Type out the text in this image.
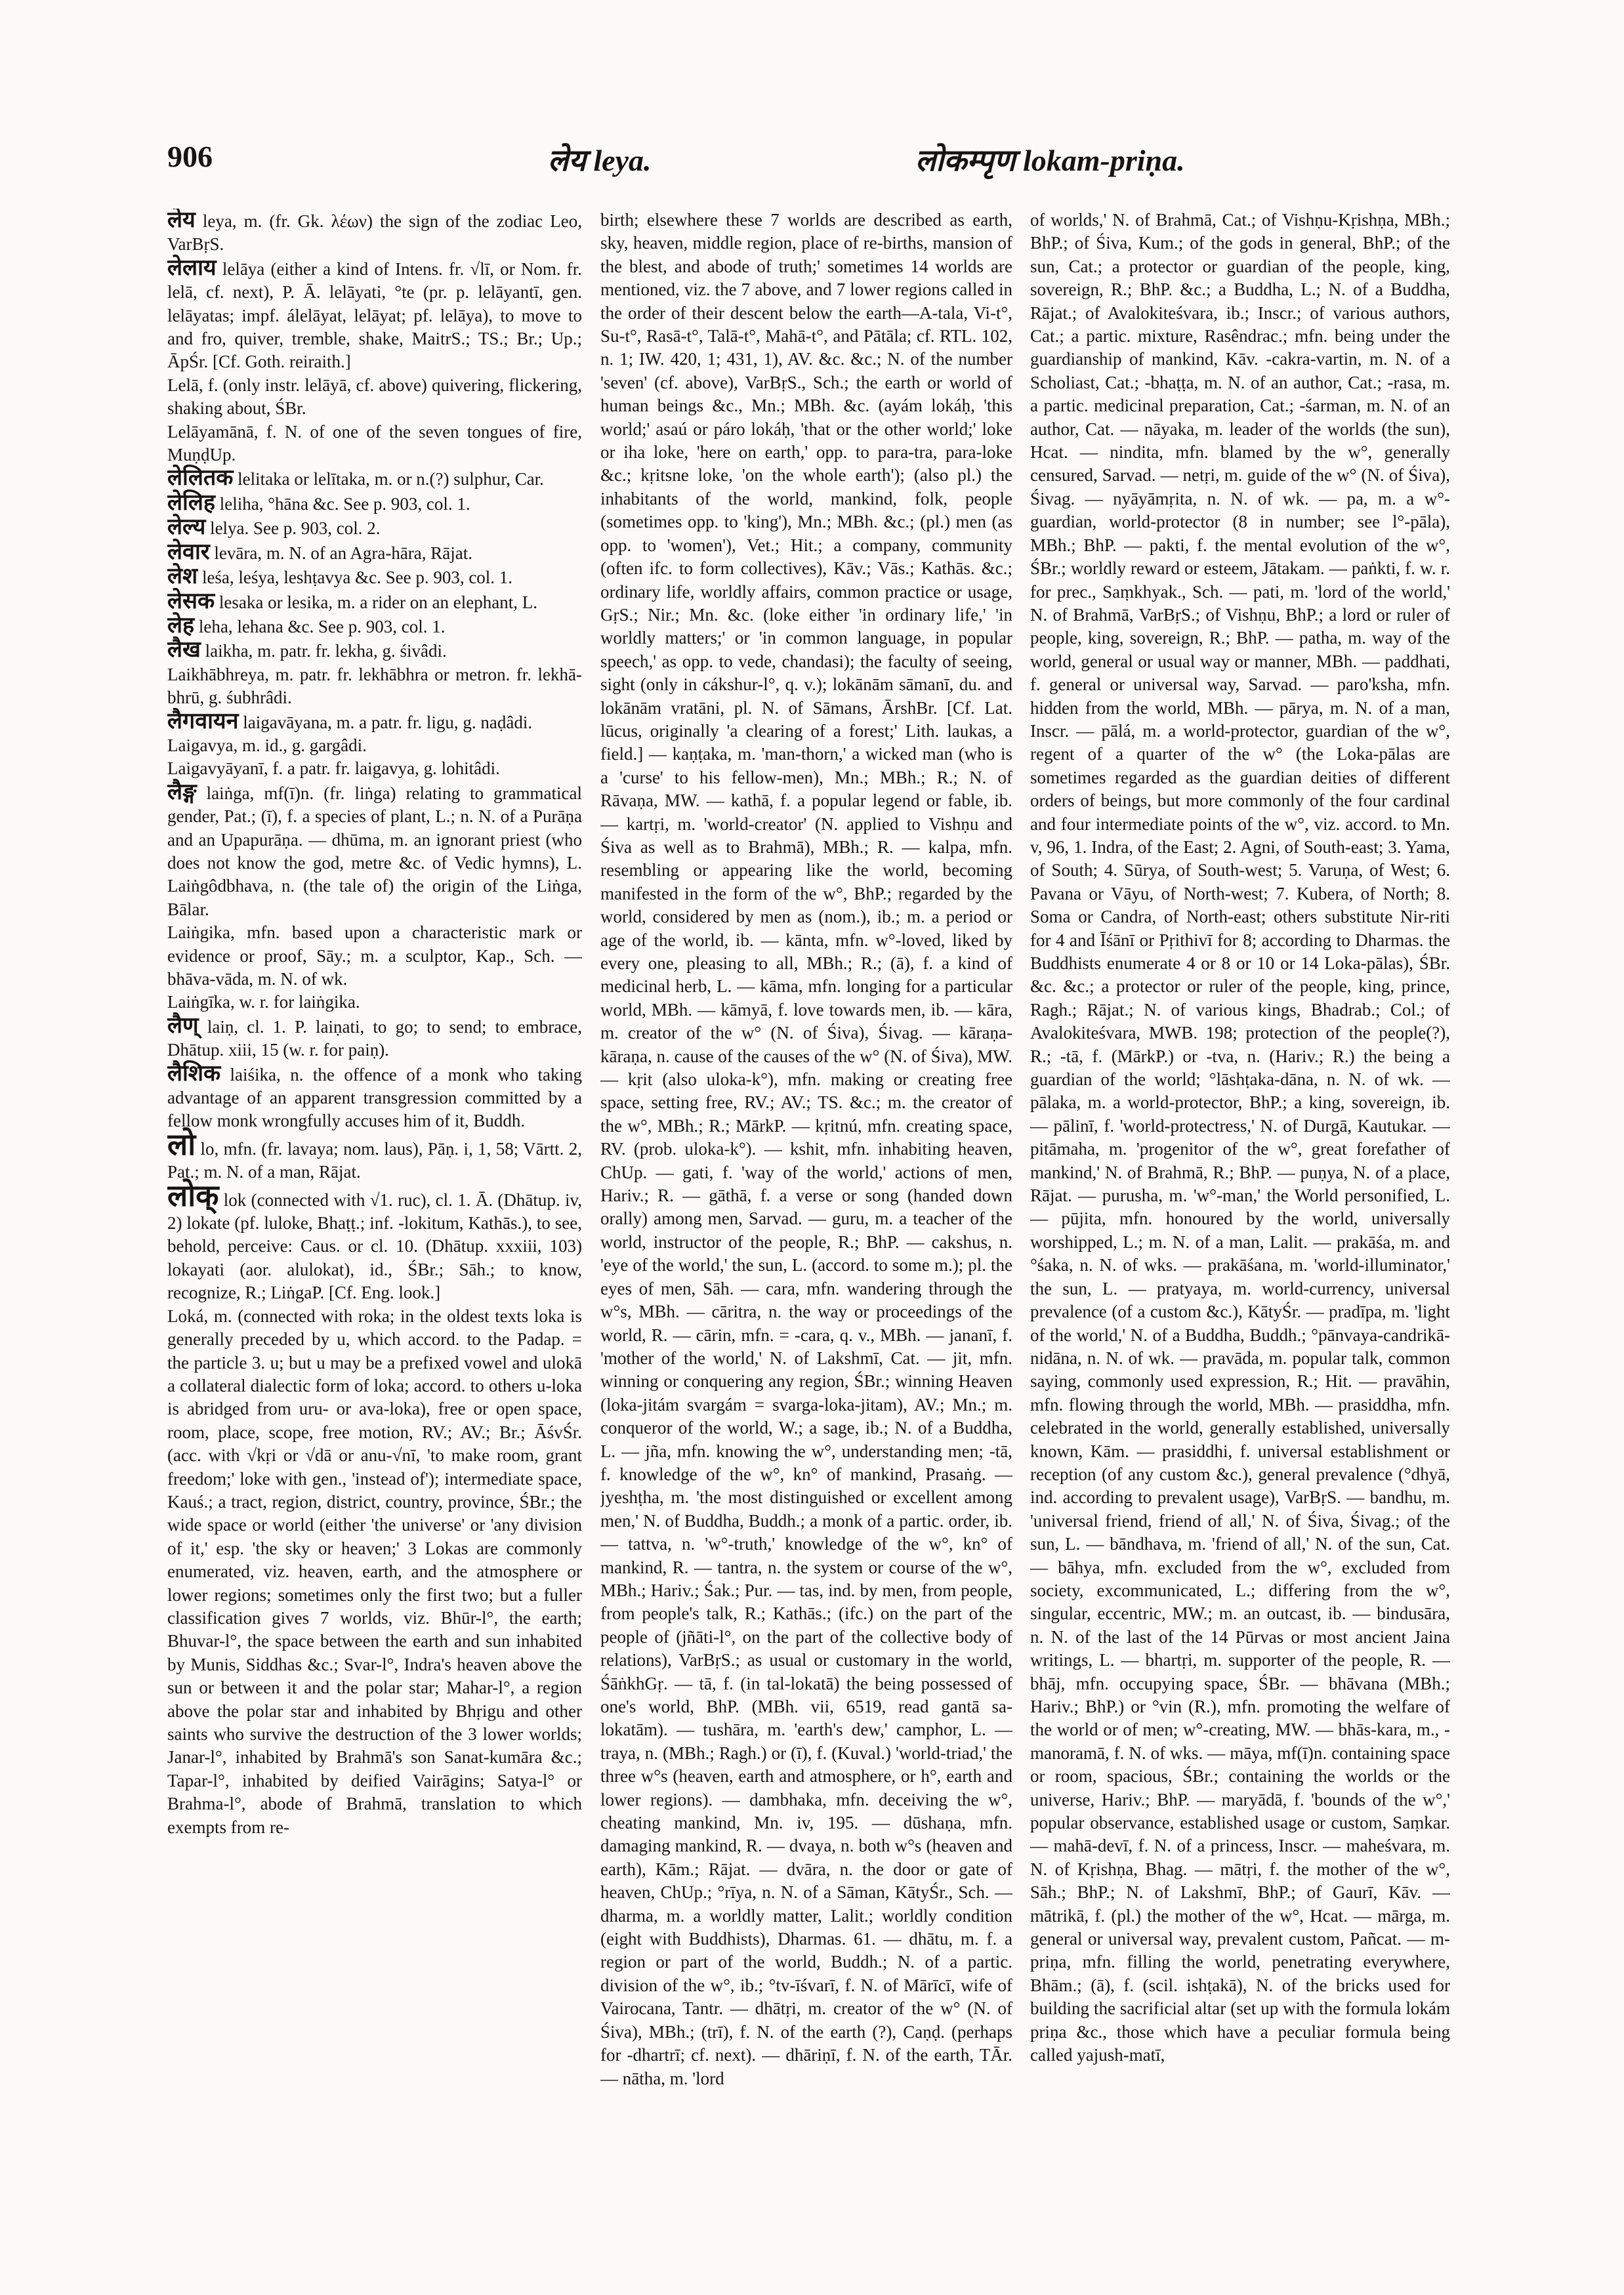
906	लेय leya.	लोकम्पृण lokam-priṇa.

लेय leya, m. (fr. Gk. λέων) the sign of the zodiac Leo, VarBṛS.

लेलाय lelāya (either a kind of Intens. fr. √lī, or Nom. fr. lelā, cf. next), P. Ā. lelāyati, °te (pr. p. lelāyantī, gen. lelāyatas; impf. álelāyat, lelāyat; pf. lelāya), to move to and fro, quiver, tremble, shake, MaitrS.; TS.; Br.; Up.; ĀpŚr. [Cf. Goth. reiraith.]

Lelā, f. (only instr. lelāyā, cf. above) quivering, flickering, shaking about, ŚBr.

Lelāyamānā, f. N. of one of the seven tongues of fire, MuṇḍUp.

लेलितक lelitaka or lelītaka, m. or n.(?) sulphur, Car.

लेलिह leliha, °hāna &c. See p. 903, col. 1.

लेल्य lelya. See p. 903, col. 2.

लेवार levāra, m. N. of an Agra-hāra, Rājat.

लेश leśa, leśya, leshṭavya &c. See p. 903, col. 1.

लेसक lesaka or lesika, m. a rider on an elephant, L.

लेह leha, lehana &c. See p. 903, col. 1.

लैख laikha, m. patr. fr. lekha, g. śivâdi.

Laikhābhreya, m. patr. fr. lekhābhra or metron. fr. lekhā-bhrū, g. śubhrâdi.

लैगवायन laigavāyana, m. a patr. fr. ligu, g. naḍâdi.

Laigavya, m. id., g. gargâdi.

Laigavyāyanī, f. a patr. fr. laigavya, g. lohitâdi.

लैङ्ग laiṅga, mf(ī)n. (fr. liṅga) relating to grammatical gender, Pat.; (ī), f. a species of plant, L.; n. N. of a Purāṇa and an Upapurāṇa. — dhūma, m. an ignorant priest (who does not know the god, metre &c. of Vedic hymns), L. Laiṅgôdbhava, n. (the tale of) the origin of the Liṅga, Bālar.

Laiṅgika, mfn. based upon a characteristic mark or evidence or proof, Sāy.; m. a sculptor, Kap., Sch. — bhāva-vāda, m. N. of wk.

Laiṅgīka, w. r. for laiṅgika.

लैण् laiṇ, cl. 1. P. laiṇati, to go; to send; to embrace, Dhātup. xiii, 15 (w. r. for paiṇ).

लैशिक laiśika, n. the offence of a monk who taking advantage of an apparent transgression committed by a fellow monk wrongfully accuses him of it, Buddh.

लो lo, mfn. (fr. lavaya; nom. laus), Pāṇ. i, 1, 58; Vārtt. 2, Pat.; m. N. of a man, Rājat.

लोक् lok (connected with √1. ruc), cl. 1. Ā. (Dhātup. iv, 2) lokate (pf. luloke, Bhaṭṭ.; inf. -lokitum, Kathās.), to see, behold, perceive: Caus. or cl. 10. (Dhātup. xxxiii, 103) lokayati (aor. alulokat), id., ŚBr.; Sāh.; to know, recognize, R.; LiṅgaP. [Cf. Eng. look.]

Loká, m. (connected with roka; in the oldest texts loka is generally preceded by u, which accord. to the Padap. = the particle 3. u; but u may be a prefixed vowel and ulokā a collateral dialectic form of loka; accord. to others u-loka is abridged from uru- or ava-loka), free or open space, room, place, scope, free motion, RV.; AV.; Br.; ĀśvŚr. (acc. with √kṛi or √dā or anu-√nī, 'to make room, grant freedom;' loke with gen., 'instead of'); intermediate space, Kauś.; a tract, region, district, country, province, ŚBr.; the wide space or world (either 'the universe' or 'any division of it,' esp. 'the sky or heaven;' 3 Lokas are commonly enumerated, viz. heaven, earth, and the atmosphere or lower regions; sometimes only the first two; but a fuller classification gives 7 worlds, viz. Bhūr-l°, the earth; Bhuvar-l°, the space between the earth and sun inhabited by Munis, Siddhas &c.; Svar-l°, Indra's heaven above the sun or between it and the polar star; Mahar-l°, a region above the polar star and inhabited by Bhṛigu and other saints who survive the destruction of the 3 lower worlds; Janar-l°, inhabited by Brahmā's son Sanat-kumāra &c.; Tapar-l°, inhabited by deified Vairāgins; Satya-l° or Brahma-l°, abode of Brahmā, translation to which exempts from re-

birth; elsewhere these 7 worlds are described as earth, sky, heaven, middle region, place of re-births, mansion of the blest, and abode of truth;' sometimes 14 worlds are mentioned, viz. the 7 above, and 7 lower regions called in the order of their descent below the earth—A-tala, Vi-t°, Su-t°, Rasā-t°, Talā-t°, Mahā-t°, and Pātāla; cf. RTL. 102, n. 1; IW. 420, 1; 431, 1), AV. &c. &c.; N. of the number 'seven' (cf. above), VarBṛS., Sch.; the earth or world of human beings &c., Mn.; MBh. &c. (ayám lokáḥ, 'this world;' asaú or páro lokáḥ, 'that or the other world;' loke or iha loke, 'here on earth,' opp. to para-tra, para-loke &c.; kṛitsne loke, 'on the whole earth'); (also pl.) the inhabitants of the world, mankind, folk, people (sometimes opp. to 'king'), Mn.; MBh. &c.; (pl.) men (as opp. to 'women'), Vet.; Hit.; a company, community (often ifc. to form collectives), Kāv.; Vās.; Kathās. &c.; ordinary life, worldly affairs, common practice or usage, GṛS.; Nir.; Mn. &c. (loke either 'in ordinary life,' 'in worldly matters;' or 'in common language, in popular speech,' as opp. to vede, chandasi); the faculty of seeing, sight (only in cákshur-l°, q. v.); lokānām sāmanī, du. and lokānām vratāni, pl. N. of Sāmans, ĀrshBr. [Cf. Lat. lūcus, originally 'a clearing of a forest;' Lith. laukas, a field.] — kaṇṭaka, m. 'man-thorn,' a wicked man (who is a 'curse' to his fellow-men), Mn.; MBh.; R.; N. of Rāvaṇa, MW. — kathā, f. a popular legend or fable, ib. — kartṛi, m. 'world-creator' (N. applied to Vishṇu and Śiva as well as to Brahmā), MBh.; R. — kalpa, mfn. resembling or appearing like the world, becoming manifested in the form of the w°, BhP.; regarded by the world, considered by men as (nom.), ib.; m. a period or age of the world, ib. — kānta, mfn. w°-loved, liked by every one, pleasing to all, MBh.; R.; (ā), f. a kind of medicinal herb, L. — kāma, mfn. longing for a particular world, MBh. — kāmyā, f. love towards men, ib. — kāra, m. creator of the w° (N. of Śiva), Śivag. — kāraṇa-kāraṇa, n. cause of the causes of the w° (N. of Śiva), MW. — kṛit (also uloka-k°), mfn. making or creating free space, setting free, RV.; AV.; TS. &c.; m. the creator of the w°, MBh.; R.; MārkP. — kṛitnú, mfn. creating space, RV. (prob. uloka-k°). — kshit, mfn. inhabiting heaven, ChUp. — gati, f. 'way of the world,' actions of men, Hariv.; R. — gāthā, f. a verse or song (handed down orally) among men, Sarvad. — guru, m. a teacher of the world, instructor of the people, R.; BhP. — cakshus, n. 'eye of the world,' the sun, L. (accord. to some m.); pl. the eyes of men, Sāh. — cara, mfn. wandering through the w°s, MBh. — cāritra, n. the way or proceedings of the world, R. — cārin, mfn. = -cara, q. v., MBh. — jananī, f. 'mother of the world,' N. of Lakshmī, Cat. — jit, mfn. winning or conquering any region, ŚBr.; winning Heaven (loka-jitám svargám = svarga-loka-jitam), AV.; Mn.; m. conqueror of the world, W.; a sage, ib.; N. of a Buddha, L. — jña, mfn. knowing the w°, understanding men; -tā, f. knowledge of the w°, kn° of mankind, Prasaṅg. — jyeshṭha, m. 'the most distinguished or excellent among men,' N. of Buddha, Buddh.; a monk of a partic. order, ib. — tattva, n. 'w°-truth,' knowledge of the w°, kn° of mankind, R. — tantra, n. the system or course of the w°, MBh.; Hariv.; Śak.; Pur. — tas, ind. by men, from people, from people's talk, R.; Kathās.; (ifc.) on the part of the people of (jñāti-l°, on the part of the collective body of relations), VarBṛS.; as usual or customary in the world, ŚāṅkhGṛ. — tā, f. (in tal-lokatā) the being possessed of one's world, BhP. (MBh. vii, 6519, read gantā sa-lokatām). — tushāra, m. 'earth's dew,' camphor, L. — traya, n. (MBh.; Ragh.) or (ī), f. (Kuval.) 'world-triad,' the three w°s (heaven, earth and atmosphere, or h°, earth and lower regions). — dambhaka, mfn. deceiving the w°, cheating mankind, Mn. iv, 195. — dūshaṇa, mfn. damaging mankind, R. — dvaya, n. both w°s (heaven and earth), Kām.; Rājat. — dvāra, n. the door or gate of heaven, ChUp.; °rīya, n. N. of a Sāman, KātyŚr., Sch. — dharma, m. a worldly matter, Lalit.; worldly condition (eight with Buddhists), Dharmas. 61. — dhātu, m. f. a region or part of the world, Buddh.; N. of a partic. division of the w°, ib.; °tv-īśvarī, f. N. of Mārīcī, wife of Vairocana, Tantr. — dhātṛi, m. creator of the w° (N. of Śiva), MBh.; (trī), f. N. of the earth (?), Caṇḍ. (perhaps for -dhartrī; cf. next). — dhāriṇī, f. N. of the earth, TĀr. — nātha, m. 'lord

of worlds,' N. of Brahmā, Cat.; of Vishṇu-Kṛishṇa, MBh.; BhP.; of Śiva, Kum.; of the gods in general, BhP.; of the sun, Cat.; a protector or guardian of the people, king, sovereign, R.; BhP. &c.; a Buddha, L.; N. of a Buddha, Rājat.; of Avalokiteśvara, ib.; Inscr.; of various authors, Cat.; a partic. mixture, Rasêndrac.; mfn. being under the guardianship of mankind, Kāv. -cakra-vartin, m. N. of a Scholiast, Cat.; -bhaṭṭa, m. N. of an author, Cat.; -rasa, m. a partic. medicinal preparation, Cat.; -śarman, m. N. of an author, Cat. — nāyaka, m. leader of the worlds (the sun), Hcat. — nindita, mfn. blamed by the w°, generally censured, Sarvad. — netṛi, m. guide of the w° (N. of Śiva), Śivag. — nyāyāmṛita, n. N. of wk. — pa, m. a w°-guardian, world-protector (8 in number; see l°-pāla), MBh.; BhP. — pakti, f. the mental evolution of the w°, ŚBr.; worldly reward or esteem, Jātakam. — paṅkti, f. w. r. for prec., Saṃkhyak., Sch. — pati, m. 'lord of the world,' N. of Brahmā, VarBṛS.; of Vishṇu, BhP.; a lord or ruler of people, king, sovereign, R.; BhP. — patha, m. way of the world, general or usual way or manner, MBh. — paddhati, f. general or universal way, Sarvad. — paro'ksha, mfn. hidden from the world, MBh. — pārya, m. N. of a man, Inscr. — pālá, m. a world-protector, guardian of the w°, regent of a quarter of the w° (the Loka-pālas are sometimes regarded as the guardian deities of different orders of beings, but more commonly of the four cardinal and four intermediate points of the w°, viz. accord. to Mn. v, 96, 1. Indra, of the East; 2. Agni, of South-east; 3. Yama, of South; 4. Sūrya, of South-west; 5. Varuṇa, of West; 6. Pavana or Vāyu, of North-west; 7. Kubera, of North; 8. Soma or Candra, of North-east; others substitute Nir-riti for 4 and Īśānī or Pṛithivī for 8; according to Dharmas. the Buddhists enumerate 4 or 8 or 10 or 14 Loka-pālas), ŚBr. &c. &c.; a protector or ruler of the people, king, prince, Ragh.; Rājat.; N. of various kings, Bhadrab.; Col.; of Avalokiteśvara, MWB. 198; protection of the people(?), R.; -tā, f. (MārkP.) or -tva, n. (Hariv.; R.) the being a guardian of the world; °lāshṭaka-dāna, n. N. of wk. — pālaka, m. a world-protector, BhP.; a king, sovereign, ib. — pālinī, f. 'world-protectress,' N. of Durgā, Kautukar. — pitāmaha, m. 'progenitor of the w°, great forefather of mankind,' N. of Brahmā, R.; BhP. — puṇya, N. of a place, Rājat. — purusha, m. 'w°-man,' the World personified, L. — pūjita, mfn. honoured by the world, universally worshipped, L.; m. N. of a man, Lalit. — prakāśa, m. and °śaka, n. N. of wks. — prakāśana, m. 'world-illuminator,' the sun, L. — pratyaya, m. world-currency, universal prevalence (of a custom &c.), KātyŚr. — pradīpa, m. 'light of the world,' N. of a Buddha, Buddh.; °pānvaya-candrikā-nidāna, n. N. of wk. — pravāda, m. popular talk, common saying, commonly used expression, R.; Hit. — pravāhin, mfn. flowing through the world, MBh. — prasiddha, mfn. celebrated in the world, generally established, universally known, Kām. — prasiddhi, f. universal establishment or reception (of any custom &c.), general prevalence (°dhyā, ind. according to prevalent usage), VarBṛS. — bandhu, m. 'universal friend, friend of all,' N. of Śiva, Śivag.; of the sun, L. — bāndhava, m. 'friend of all,' N. of the sun, Cat. — bāhya, mfn. excluded from the w°, excluded from society, excommunicated, L.; differing from the w°, singular, eccentric, MW.; m. an outcast, ib. — bindusāra, n. N. of the last of the 14 Pūrvas or most ancient Jaina writings, L. — bhartṛi, m. supporter of the people, R. — bhāj, mfn. occupying space, ŚBr. — bhāvana (MBh.; Hariv.; BhP.) or °vin (R.), mfn. promoting the welfare of the world or of men; w°-creating, MW. — bhās-kara, m., -manoramā, f. N. of wks. — māya, mf(ī)n. containing space or room, spacious, ŚBr.; containing the worlds or the universe, Hariv.; BhP. — maryādā, f. 'bounds of the w°,' popular observance, established usage or custom, Saṃkar. — mahā-devī, f. N. of a princess, Inscr. — maheśvara, m. N. of Kṛishṇa, Bhag. — mātṛi, f. the mother of the w°, Sāh.; BhP.; N. of Lakshmī, BhP.; of Gaurī, Kāv. — mātrikā, f. (pl.) the mother of the w°, Hcat. — mārga, m. general or universal way, prevalent custom, Pañcat. — m-priṇa, mfn. filling the world, penetrating everywhere, Bhām.; (ā), f. (scil. ishṭakā), N. of the bricks used for building the sacrificial altar (set up with the formula lokám priṇa &c., those which have a peculiar formula being called yajush-matī,
